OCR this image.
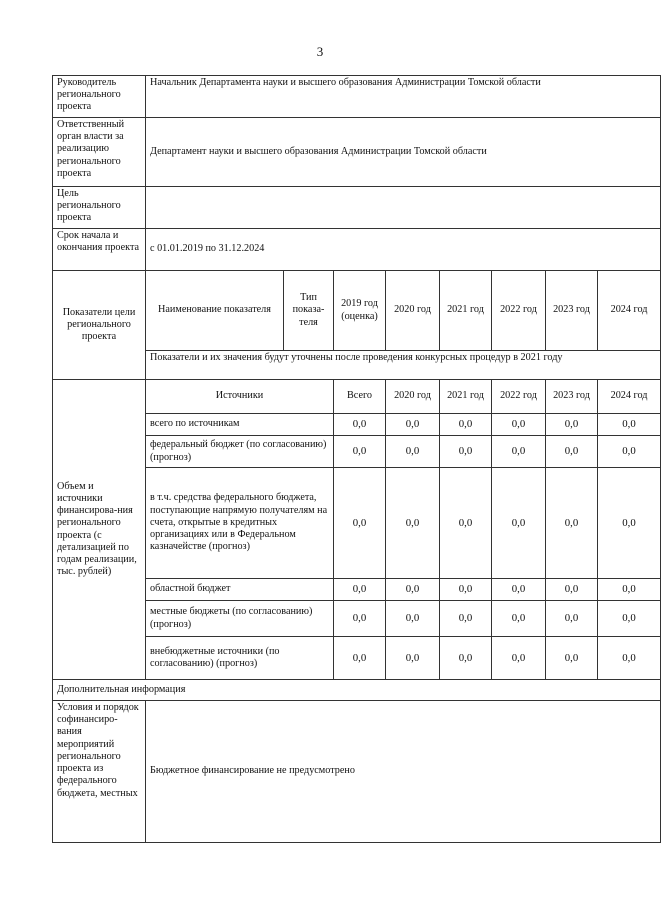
3
Руководитель регионального проекта	Начальник Департамента науки и высшего образования Администрации Томской области							
Ответственный орган власти за реализацию регионального проекта	Департамент науки и высшего образования Администрации Томской области							
Цель регионального проекта								
Срок начала и окончания проекта	с 01.01.2019 по 31.12.2024							
Показатели цели регионального проекта	Наименование показателя	Тип показа-теля	2019 год (оценка)	2020 год	2021 год	2022 год	2023 год	2024 год
	Показатели и их значения будут уточнены после проведения конкурсных процедур в 2021 году							
Объем и источники финансирова-ния регионального проекта (с детализацией по годам реализации, тыс. рублей)	Источники		Всего	2020 год	2021 год	2022 год	2023 год	2024 год
	всего по источникам		0,0	0,0	0,0	0,0	0,0	0,0
	федеральный бюджет (по согласованию) (прогноз)		0,0	0,0	0,0	0,0	0,0	0,0
	в т.ч. средства федерального бюджета, поступающие напрямую получателям на счета, открытые в кредитных организациях или в Федеральном казначействе (прогноз)		0,0	0,0	0,0	0,0	0,0	0,0
	областной бюджет		0,0	0,0	0,0	0,0	0,0	0,0
	местные бюджеты (по согласованию) (прогноз)		0,0	0,0	0,0	0,0	0,0	0,0
	внебюджетные источники (по согласованию) (прогноз)		0,0	0,0	0,0	0,0	0,0	0,0
Дополнительная информация								
Условия и порядок софинансиро-вания мероприятий регионального проекта из федерального бюджета, местных	Бюджетное финансирование не предусмотрено							
